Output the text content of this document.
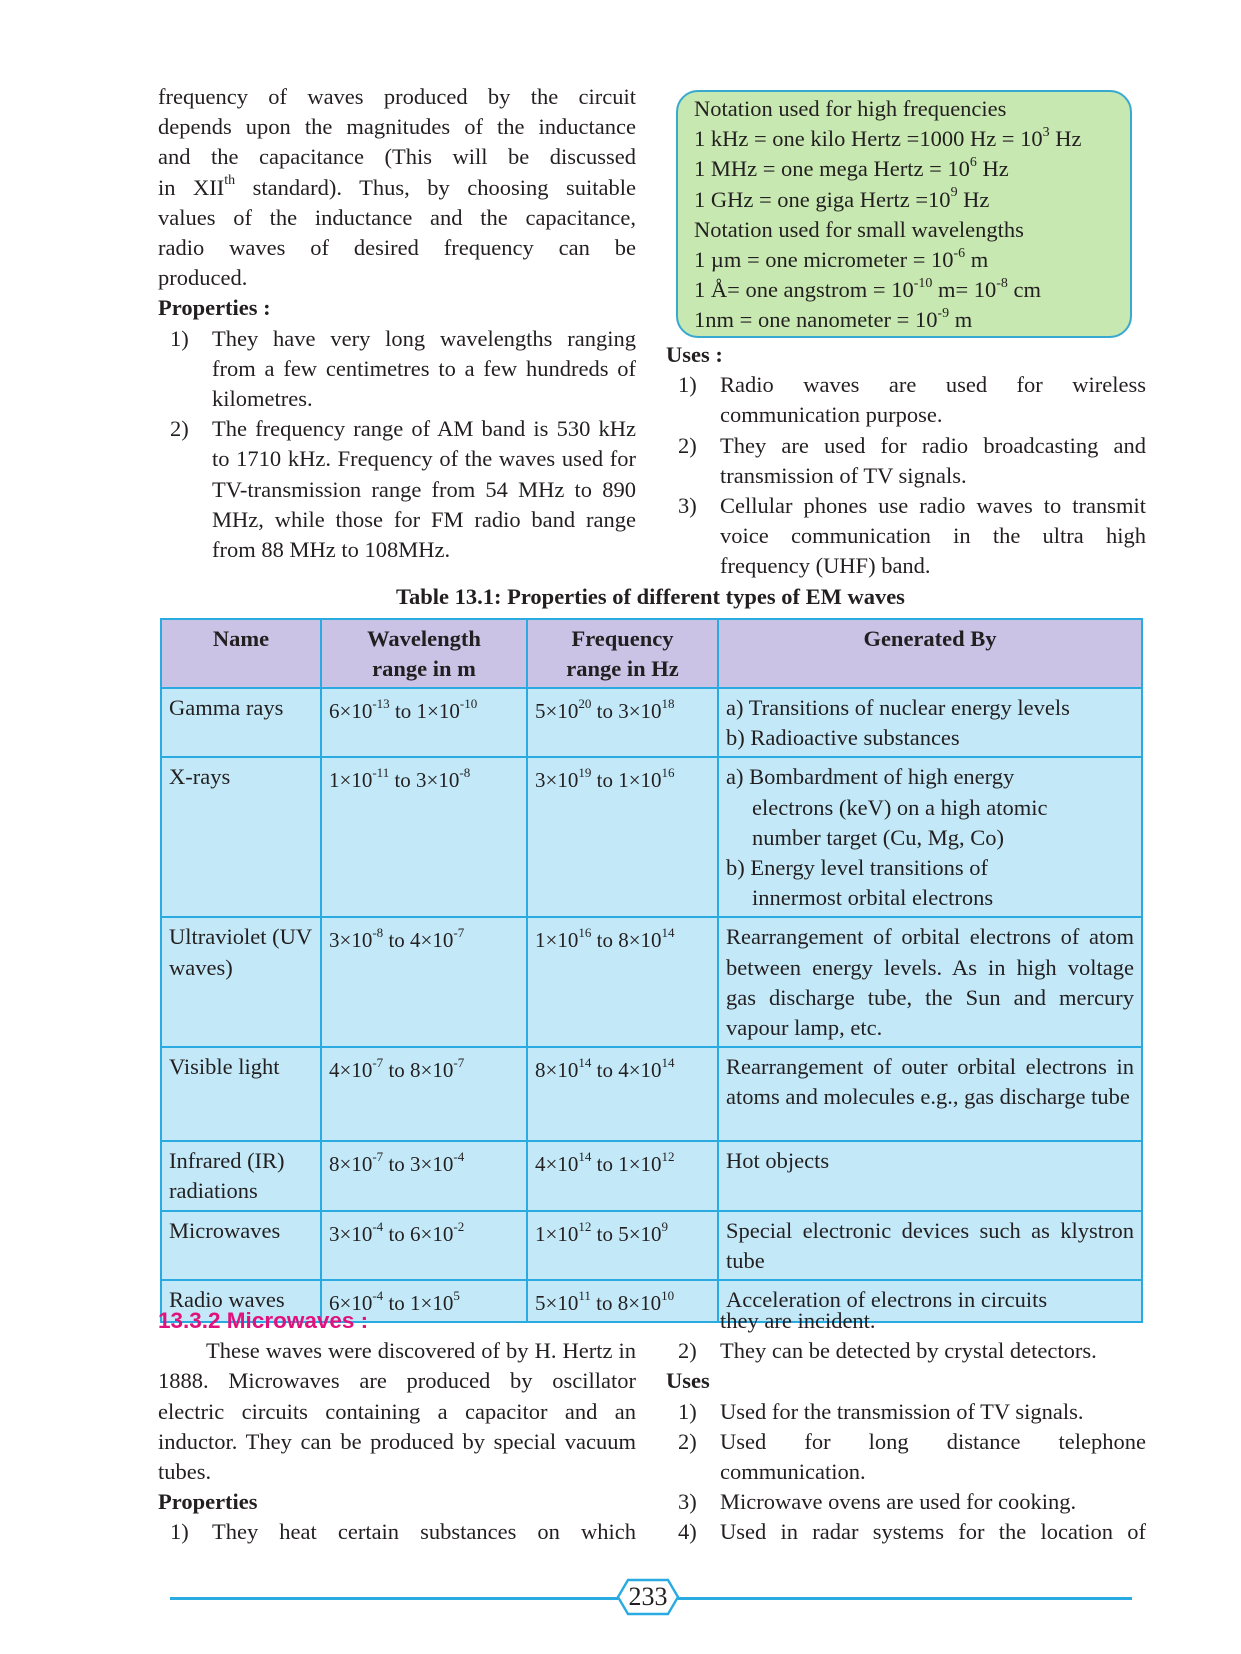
frequency of waves produced by the circuit
depends upon the magnitudes of the inductance
and the capacitance (This will be discussed
in XIIth standard). Thus, by choosing suitable
values of the inductance and the capacitance,
radio waves of desired frequency can be
produced.
Properties :
1) They have very long wavelengths ranging from a few centimetres to a few hundreds of kilometres.
2) The frequency range of AM band is 530 kHz to 1710 kHz. Frequency of the waves used for TV-transmission range from 54 MHz to 890 MHz, while those for FM radio band range from 88 MHz to 108MHz.
Notation used for high frequencies
1 kHz = one kilo Hertz =1000 $Hz = 10^3$ Hz
1 MHz = one mega Hertz = $10^6$ Hz
1 GHz = one giga Hertz $=10^9$ Hz
Notation used for small wavelengths
1 µm = one micrometer = $10^{-6}$ m
1 Å= one angstrom = $10^{-10}$ $m= 10^{-8}$ cm
1nm = one nanometer = $10^{-9}$ m
Uses :
1) Radio waves are used for wireless communication purpose.
2) They are used for radio broadcasting and transmission of TV signals.
3) Cellular phones use radio waves to transmit voice communication in the ultra high frequency (UHF) band.
Table 13.1: Properties of different types of EM waves
Name	Wavelength range in m	Frequency range in Hz	Generated By
Gamma rays	$6\times 10^{-13}$ to $1\times 10^{-10}$	$5\times 10^{20}$ to $3\times 10^{18}$	a) Transitions of nuclear energy levels
b) Radioactive substances

X-rays	$1\times 10^{-11}$ to $3\times 10^{-8}$	$3\times 10^{19}$ to $1\times 10^{16}$	a) Bombardment of high energy
electrons (keV) on a high atomic
number target (Cu, Mg, Co)
b) Energy level transitions of
innermost orbital electrons

Ultraviolet (UV waves)	$3\times 10^{-8}$ to $4\times 10^{-7}$	$1\times 10^{16}$ to $8\times 10^{14}$	Rearrangement of orbital electrons of atom between energy levels. As in high voltage gas discharge tube, the Sun and mercury vapour lamp, etc.
Visible light	$4\times 10^{-7}$ to $8\times 10^{-7}$	$8\times 10^{14}$ to $4\times 10^{14}$	Rearrangement of outer orbital electrons in atoms and molecules e.g., gas discharge tube
Infrared (IR) radiations	$8\times 10^{-7}$ to $3\times 10^{-4}$	$4\times 10^{14}$ to $1\times 10^{12}$	Hot objects
Microwaves	$3\times 10^{-4}$ to $6\times 10^{-2}$	$1\times 10^{12}$ to $5\times 10^9$	Special electronic devices such as klystron tube
Radio waves	$6\times 10^{-4}$ to $1\times 10^5$	$5\times 10^{11}$ to $8\times 10^{10}$	Acceleration of electrons in circuits
13.3.2 Microwaves :
These waves were discovered of by H. Hertz in 1888. Microwaves are produced by oscillator electric circuits containing a capacitor and an inductor. They can be produced by special vacuum tubes.
Properties
1) They heat certain substances on which
they are incident.
2) They can be detected by crystal detectors.
Uses
1) Used for the transmission of TV signals.
2) Used for long distance telephone communication.
3) Microwave ovens are used for cooking.
4) Used in radar systems for the location of
233
